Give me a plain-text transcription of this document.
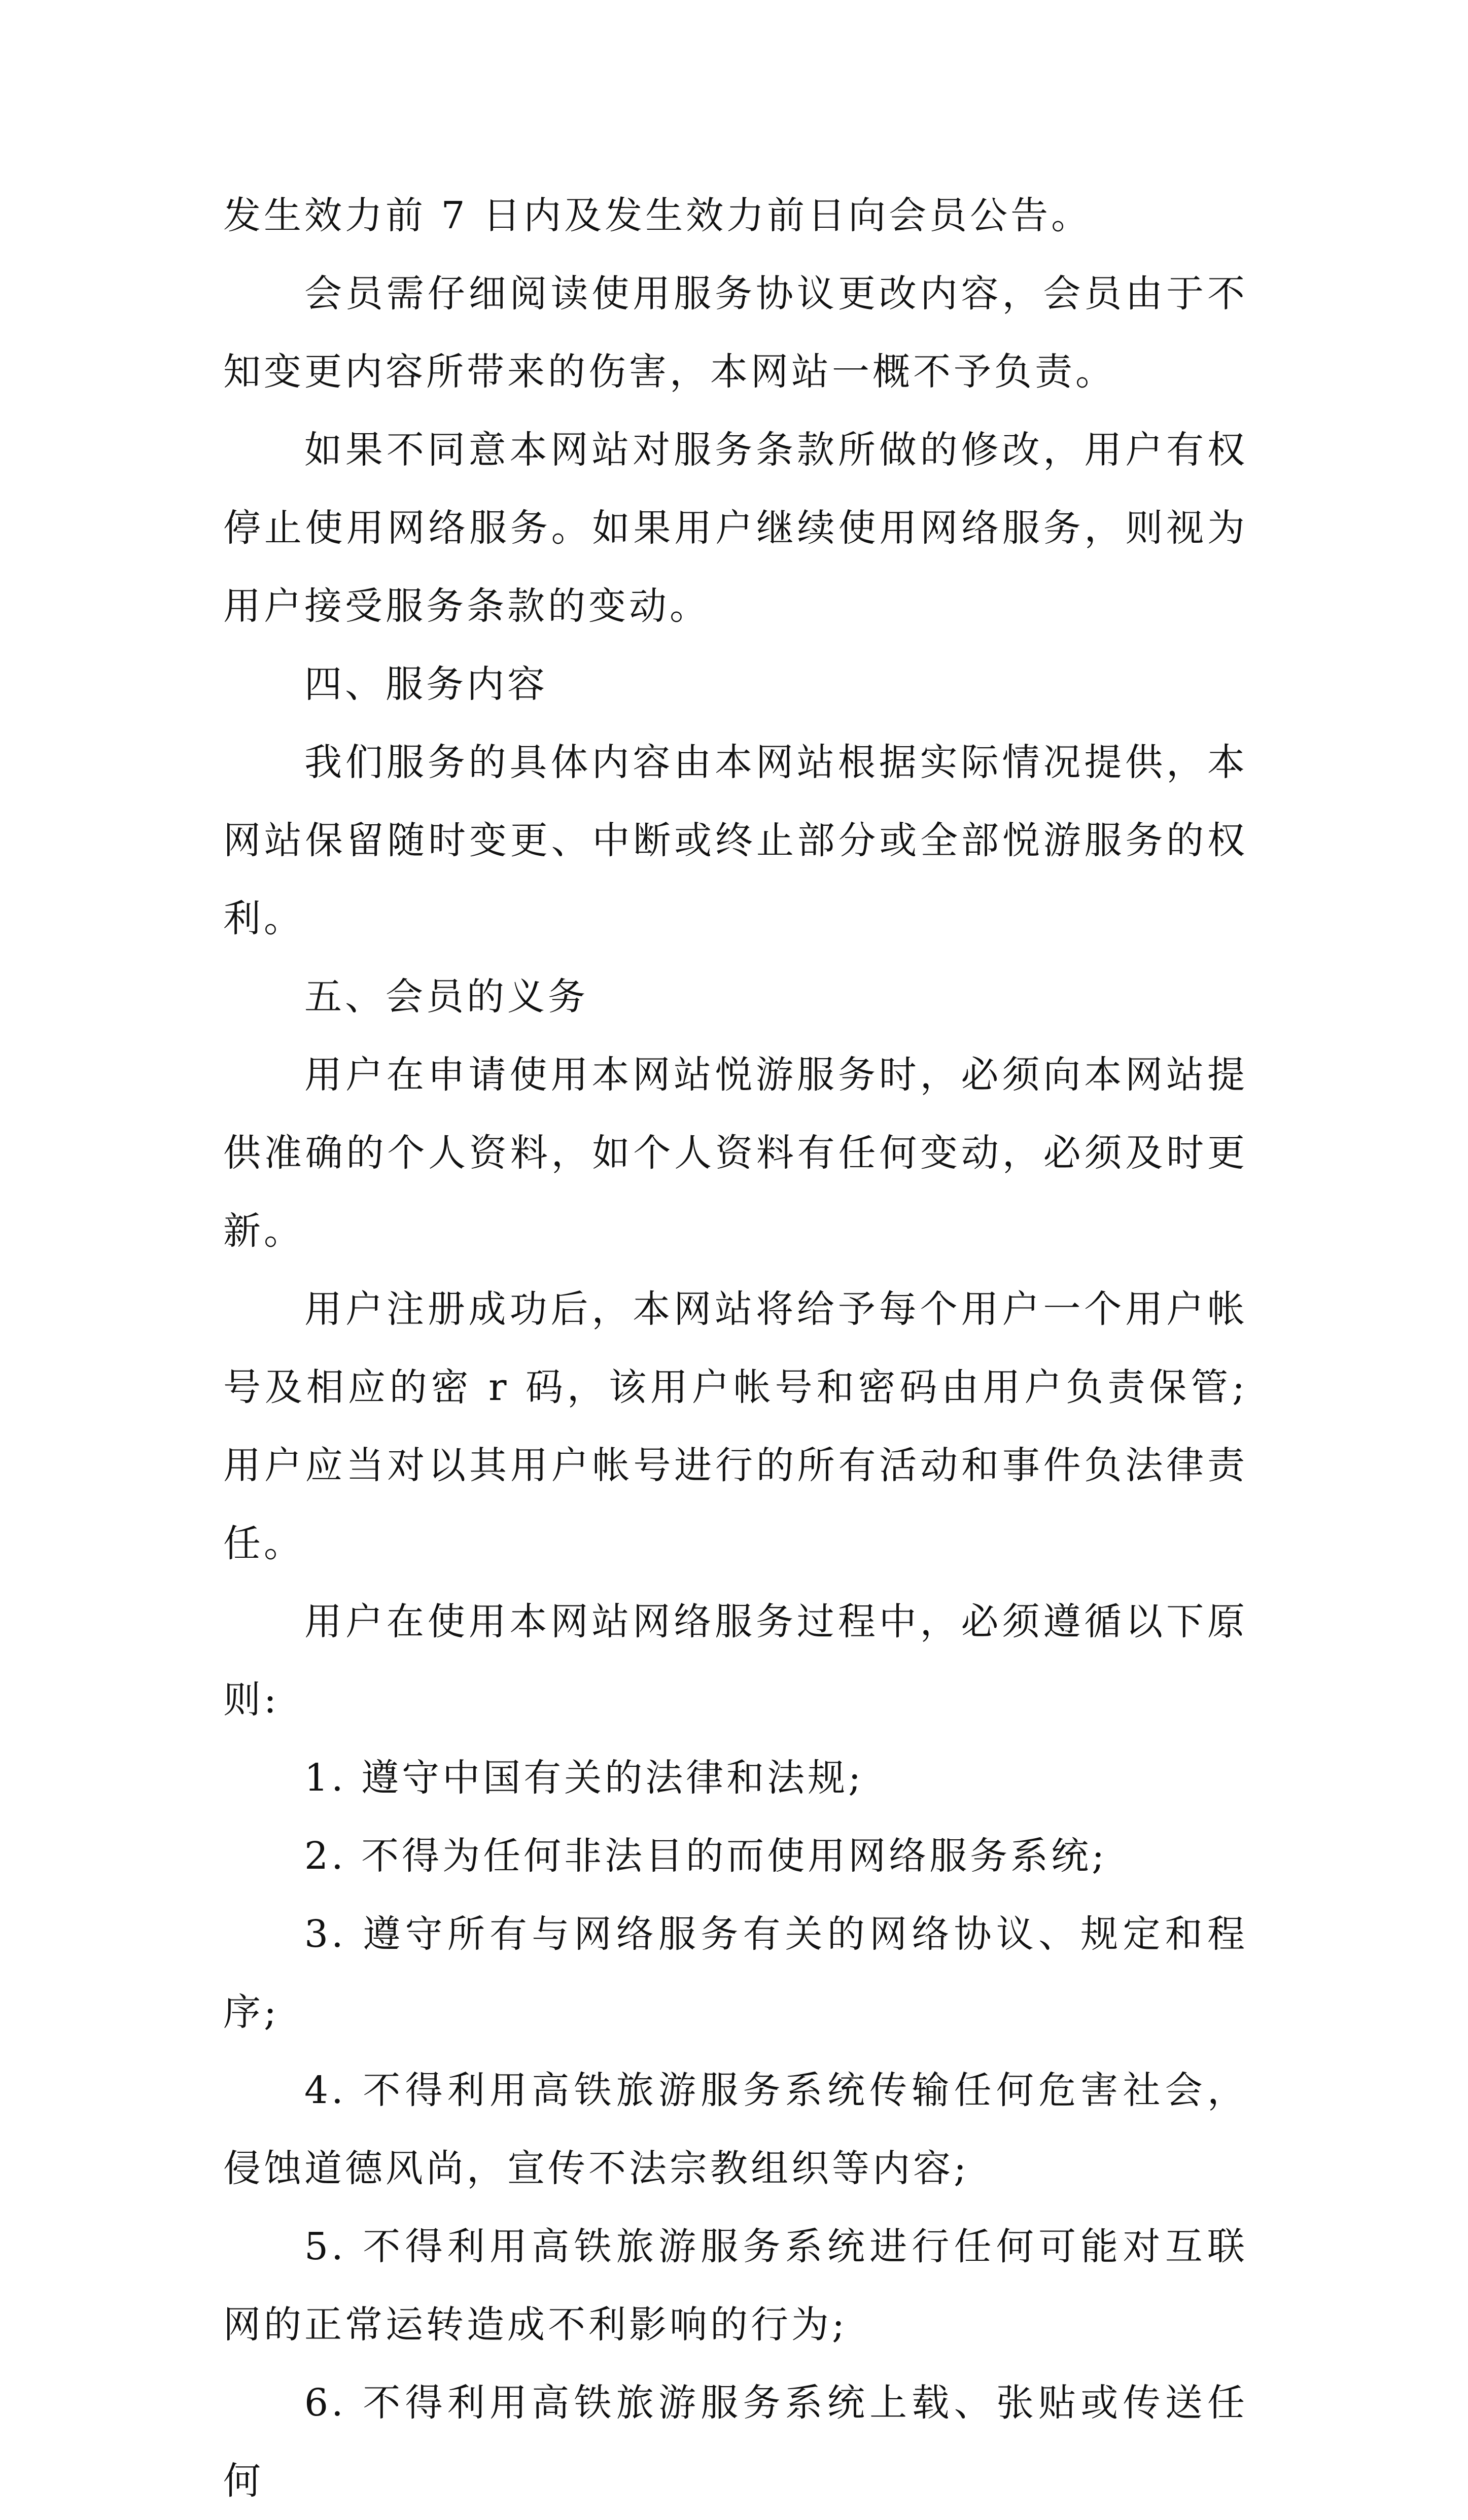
发生效力前 7 日内及发生效力前日向会员公告。

会员需仔细阅读使用服务协议更改内容，会员由于不知变更内容所带来的伤害，本网站一概不予负责。

如果不同意本网站对服务条款所做的修改，用户有权停止使用网络服务。如果用户继续使用网络服务，则视为用户接受服务条款的变动。

四、服务内容

我们服务的具体内容由本网站根据实际情况提供，本网站保留随时变更、中断或终止部分或全部悦游服务的权利。

五、会员的义务

用户在申请使用本网站悦游服务时，必须向本网站提供准确的个人资料，如个人资料有任何变动，必须及时更新。

用户注册成功后，本网站将给予每个用户一个用户帐号及相应的密 r 码，该用户帐号和密码由用户负责保管;用户应当对以其用户帐号进行的所有活动和事件负法律责任。

用户在使用本网站网络服务过程中，必须遵循以下原则:

1. 遵守中国有关的法律和法规;

2. 不得为任何非法目的而使用网络服务系统;

3. 遵守所有与网络服务有关的网络协议、规定和程序;

4. 不得利用高铁旅游服务系统传输任何危害社会，侵蚀道德风尚，宣传不法宗教组织等内容;

5. 不得利用高铁旅游服务系统进行任何可能对互联网的正常运转造成不利影响的行为;

6. 不得利用高铁旅游服务系统上载、张贴或传送任何
